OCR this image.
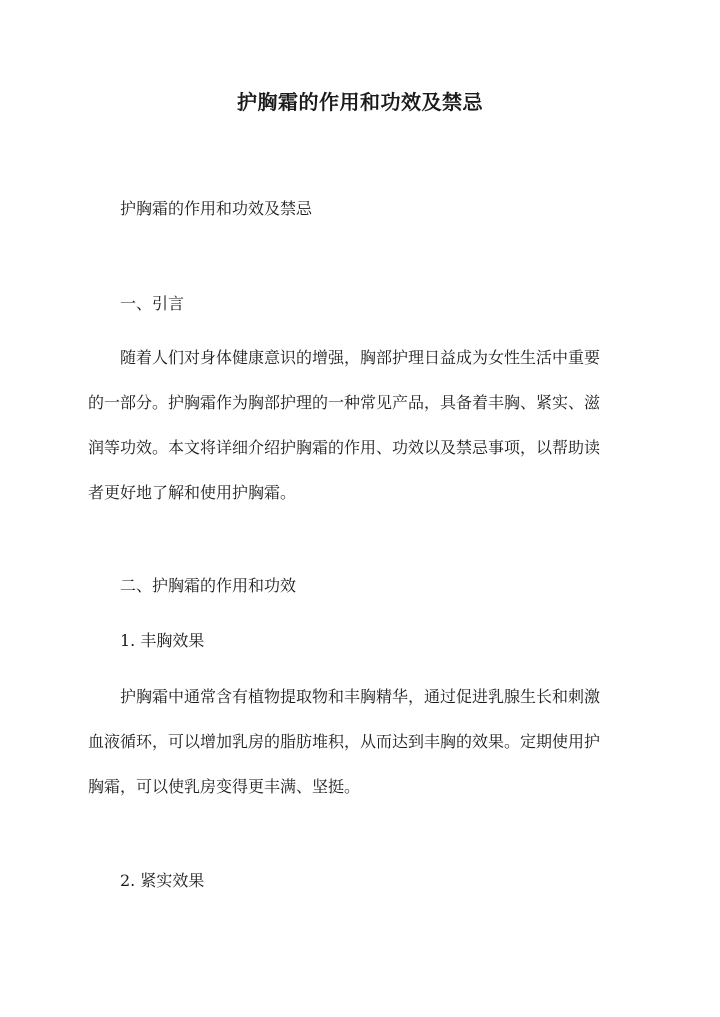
护胸霜的作用和功效及禁忌
护胸霜的作用和功效及禁忌
一、引言
随着人们对身体健康意识的增强，胸部护理日益成为女性生活中重要
的一部分。护胸霜作为胸部护理的一种常见产品，具备着丰胸、紧实、滋
润等功效。本文将详细介绍护胸霜的作用、功效以及禁忌事项，以帮助读
者更好地了解和使用护胸霜。
二、护胸霜的作用和功效
1. 丰胸效果
护胸霜中通常含有植物提取物和丰胸精华，通过促进乳腺生长和刺激
血液循环，可以增加乳房的脂肪堆积，从而达到丰胸的效果。定期使用护
胸霜，可以使乳房变得更丰满、坚挺。
2. 紧实效果
